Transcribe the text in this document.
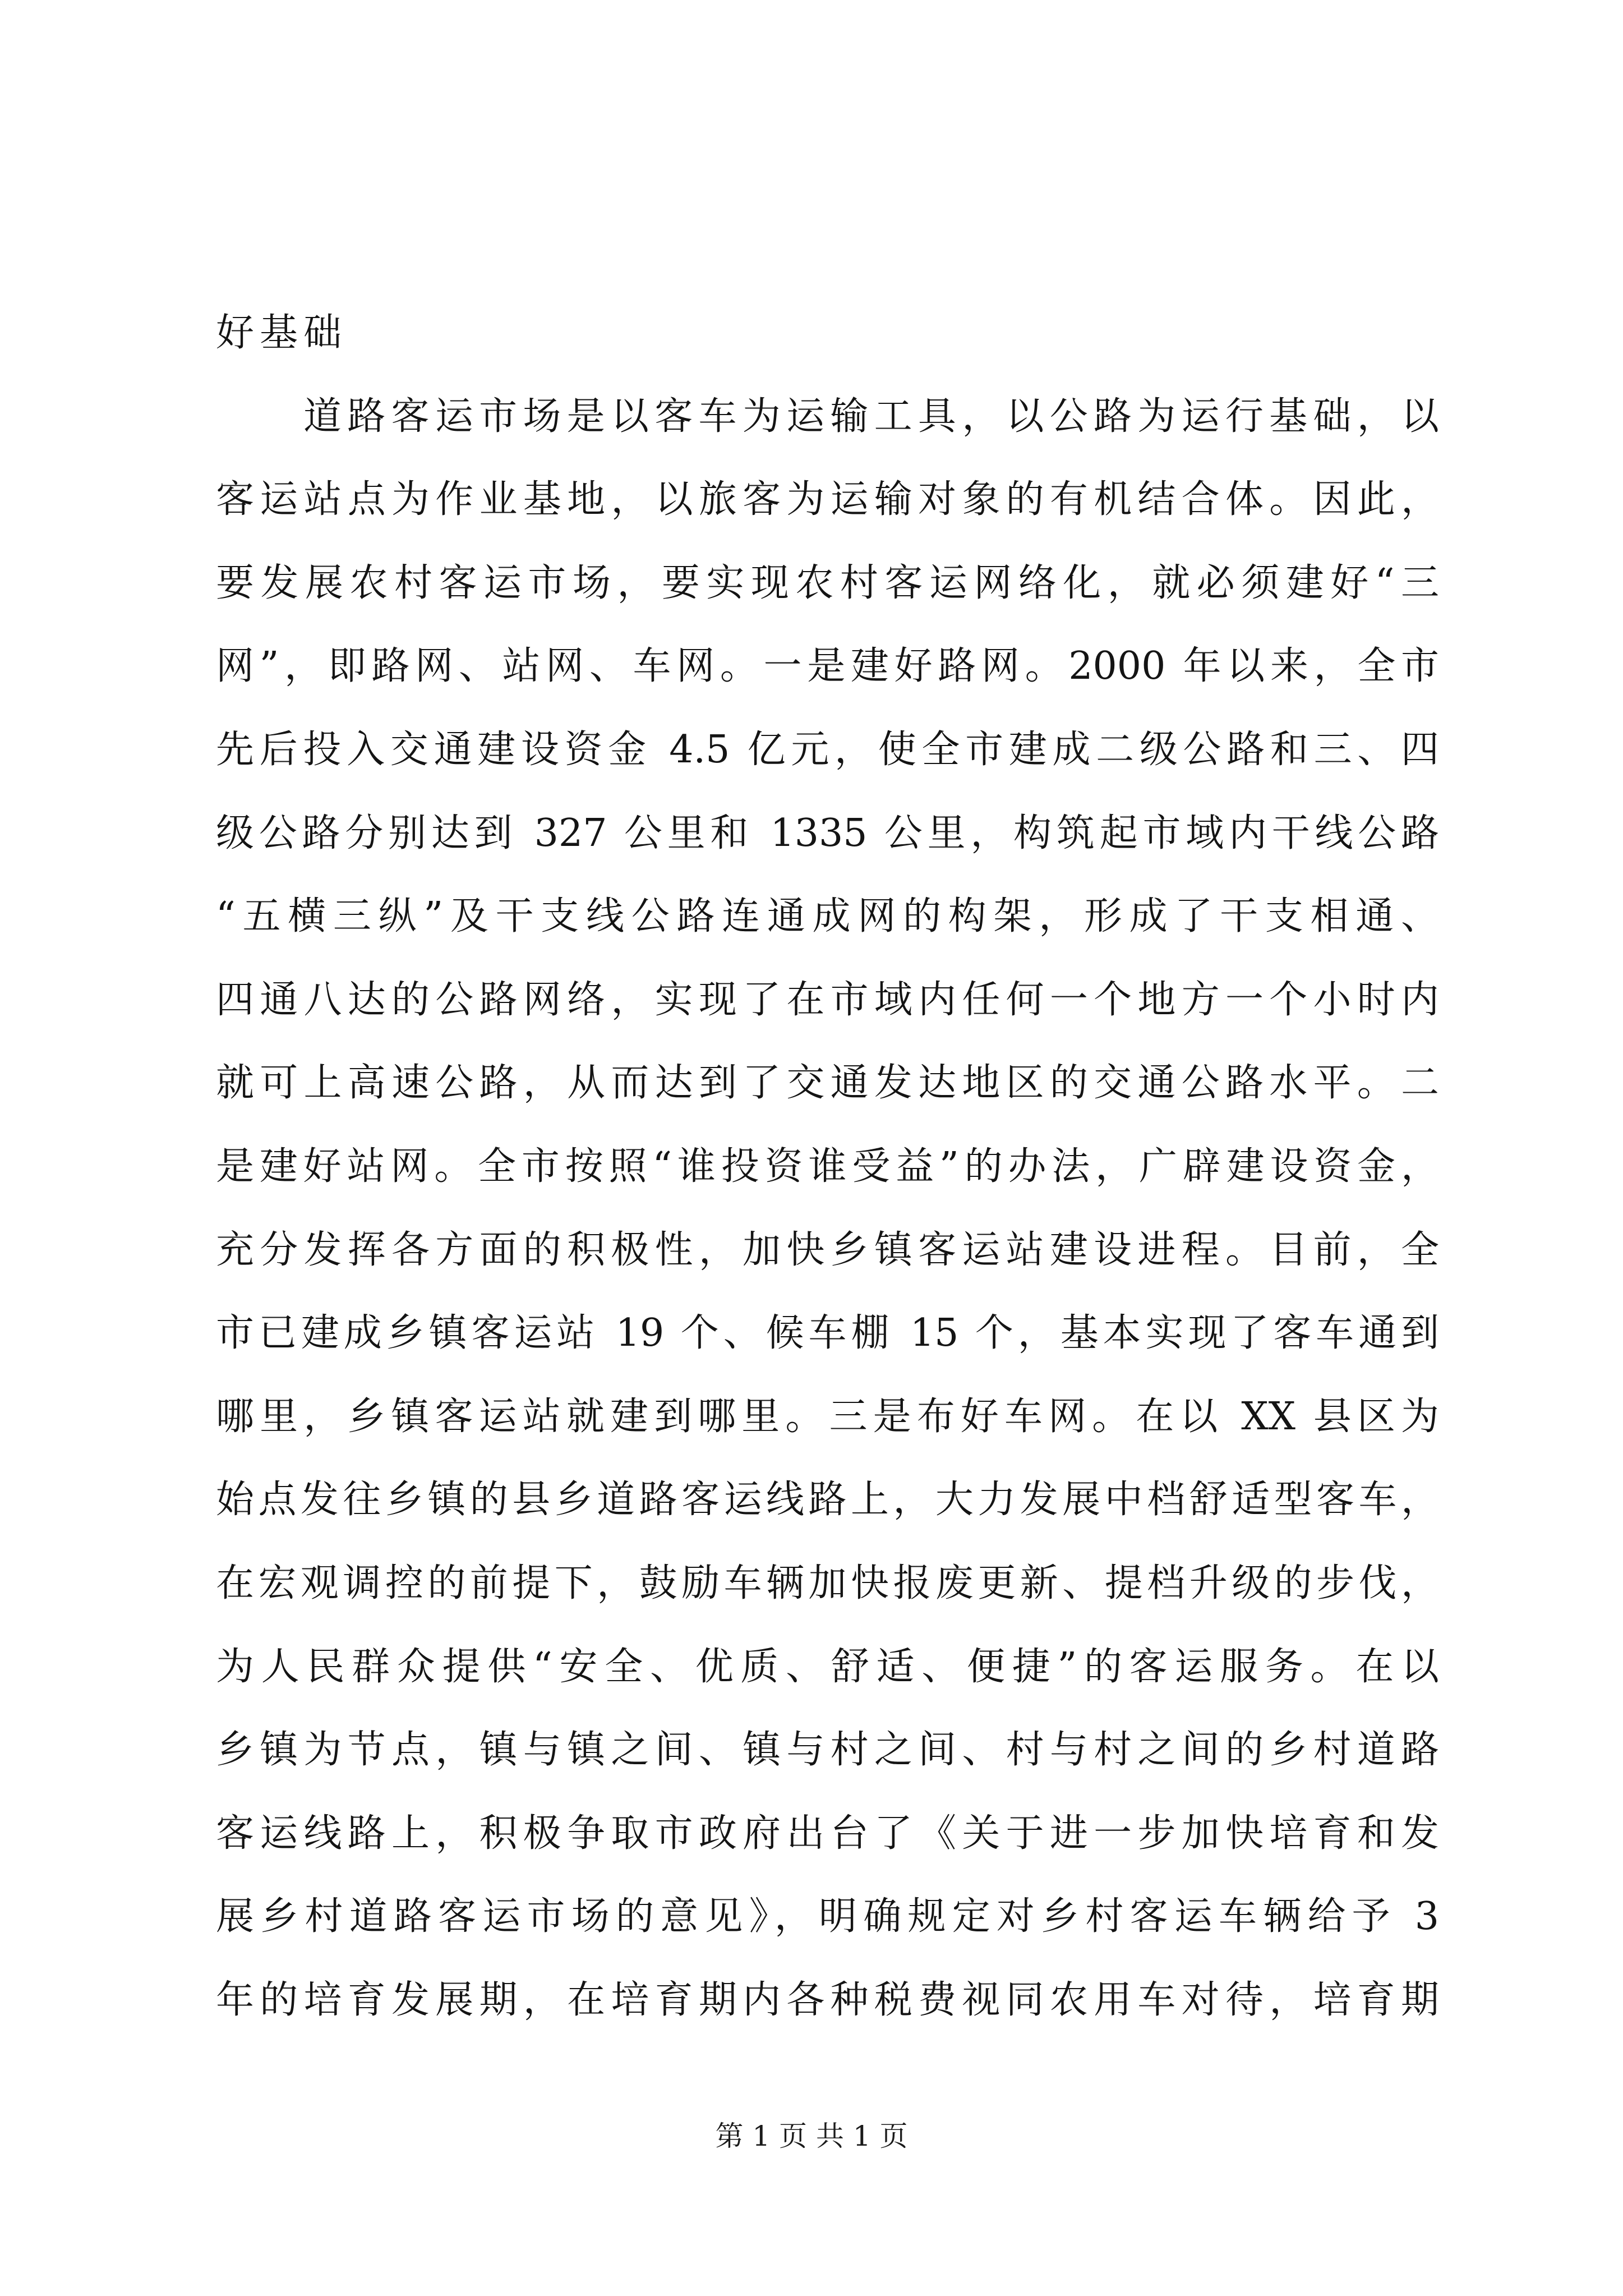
好基础
道路客运市场是以客车为运输工具，以公路为运行基础，以
客运站点为作业基地，以旅客为运输对象的有机结合体。因此，
要发展农村客运市场，要实现农村客运网络化，就必须建好“三
网”，即路网、站网、车网。一是建好路网。2000 年以来，全市
先后投入交通建设资金 4.5 亿元，使全市建成二级公路和三、四
级公路分别达到 327 公里和 1335 公里，构筑起市域内干线公路
“五横三纵”及干支线公路连通成网的构架，形成了干支相通、
四通八达的公路网络，实现了在市域内任何一个地方一个小时内
就可上高速公路，从而达到了交通发达地区的交通公路水平。二
是建好站网。全市按照“谁投资谁受益”的办法，广辟建设资金，
充分发挥各方面的积极性，加快乡镇客运站建设进程。目前，全
市已建成乡镇客运站 19 个、候车棚 15 个，基本实现了客车通到
哪里，乡镇客运站就建到哪里。三是布好车网。在以 XX 县区为
始点发往乡镇的县乡道路客运线路上，大力发展中档舒适型客车，
在宏观调控的前提下，鼓励车辆加快报废更新、提档升级的步伐，
为人民群众提供“安全、优质、舒适、便捷”的客运服务。在以
乡镇为节点，镇与镇之间、镇与村之间、村与村之间的乡村道路
客运线路上，积极争取市政府出台了《关于进一步加快培育和发
展乡村道路客运市场的意见》，明确规定对乡村客运车辆给予 3
年的培育发展期，在培育期内各种税费视同农用车对待，培育期
第 1 页 共 1 页
